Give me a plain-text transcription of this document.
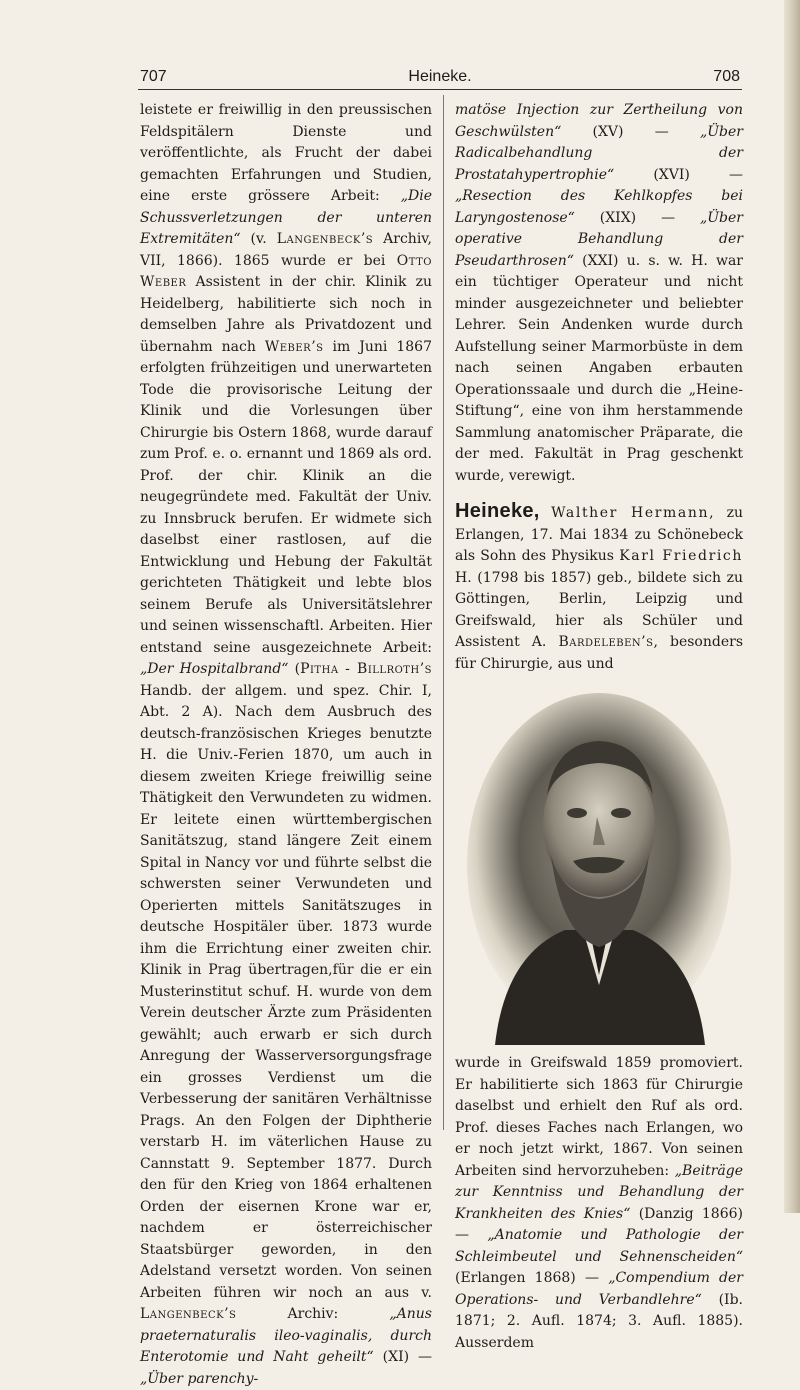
707	Heineke.	708

leistete er freiwillig in den preussischen Feldspitälern Dienste und veröffentlichte, als Frucht der dabei gemachten Erfahrungen und Studien, eine erste grössere Arbeit: „Die Schussverletzungen der unteren Extremitäten“ (v. Langenbeck’s Archiv, VII, 1866). 1865 wurde er bei Otto Weber Assistent in der chir. Klinik zu Heidelberg, habilitierte sich noch in demselben Jahre als Privatdozent und übernahm nach Weber’s im Juni 1867 erfolgten frühzeitigen und unerwarteten Tode die provisorische Leitung der Klinik und die Vorlesungen über Chirurgie bis Ostern 1868, wurde darauf zum Prof. e. o. ernannt und 1869 als ord. Prof. der chir. Klinik an die neugegründete med. Fakultät der Univ. zu Innsbruck berufen. Er widmete sich daselbst einer rastlosen, auf die Entwicklung und Hebung der Fakultät gerichteten Thätigkeit und lebte blos seinem Berufe als Universitätslehrer und seinen wissenschaftl. Arbeiten. Hier entstand seine ausgezeichnete Arbeit: „Der Hospitalbrand“ (Pitha - Billroth’s Handb. der allgem. und spez. Chir. I, Abt. 2 A). Nach dem Ausbruch des deutsch-französischen Krieges benutzte H. die Univ.-Ferien 1870, um auch in diesem zweiten Kriege freiwillig seine Thätigkeit den Verwundeten zu widmen. Er leitete einen württembergischen Sanitätszug, stand längere Zeit einem Spital in Nancy vor und führte selbst die schwersten seiner Verwundeten und Operierten mittels Sanitätszuges in deutsche Hospitäler über. 1873 wurde ihm die Errichtung einer zweiten chir. Klinik in Prag übertragen,für die er ein Musterinstitut schuf. H. wurde von dem Verein deutscher Ärzte zum Präsidenten gewählt; auch erwarb er sich durch Anregung der Wasserversorgungsfrage ein grosses Verdienst um die Verbesserung der sanitären Verhältnisse Prags. An den Folgen der Diphtherie verstarb H. im väterlichen Hause zu Cannstatt 9. September 1877. Durch den für den Krieg von 1864 erhaltenen Orden der eisernen Krone war er, nachdem er österreichischer Staatsbürger geworden, in den Adelstand versetzt worden. Von seinen Arbeiten führen wir noch an aus v. Langenbeck’s Archiv: „Anus praeternaturalis ileo-vaginalis, durch Enterotomie und Naht geheilt“ (XI) — „Über parenchy-

matöse Injection zur Zertheilung von Geschwülsten“ (XV) — „Über Radicalbehandlung der Prostatahypertrophie“ (XVI) — „Resection des Kehlkopfes bei Laryngostenose“ (XIX) — „Über operative Behandlung der Pseudarthrosen“ (XXI) u. s. w. H. war ein tüchtiger Operateur und nicht minder ausgezeichneter und beliebter Lehrer. Sein Andenken wurde durch Aufstellung seiner Marmorbüste in dem nach seinen Angaben erbauten Operationssaale und durch die „Heine-Stiftung“, eine von ihm herstammende Sammlung anatomischer Präparate, die der med. Fakultät in Prag geschenkt wurde, verewigt.

Heineke, Walther Hermann, zu Erlangen, 17. Mai 1834 zu Schönebeck als Sohn des Physikus Karl Friedrich H. (1798 bis 1857) geb., bildete sich zu Göttingen, Berlin, Leipzig und Greifswald, hier als Schüler und Assistent A. Bardeleben’s, besonders für Chirurgie, aus und

wurde in Greifswald 1859 promoviert. Er habilitierte sich 1863 für Chirurgie daselbst und erhielt den Ruf als ord. Prof. dieses Faches nach Erlangen, wo er noch jetzt wirkt, 1867. Von seinen Arbeiten sind hervorzuheben: „Beiträge zur Kenntniss und Behandlung der Krankheiten des Knies“ (Danzig 1866) — „Anatomie und Pathologie der Schleimbeutel und Sehnenscheiden“ (Erlangen 1868) — „Compendium der Operations- und Verbandlehre“ (Ib. 1871; 2. Aufl. 1874; 3. Aufl. 1885). Ausserdem
